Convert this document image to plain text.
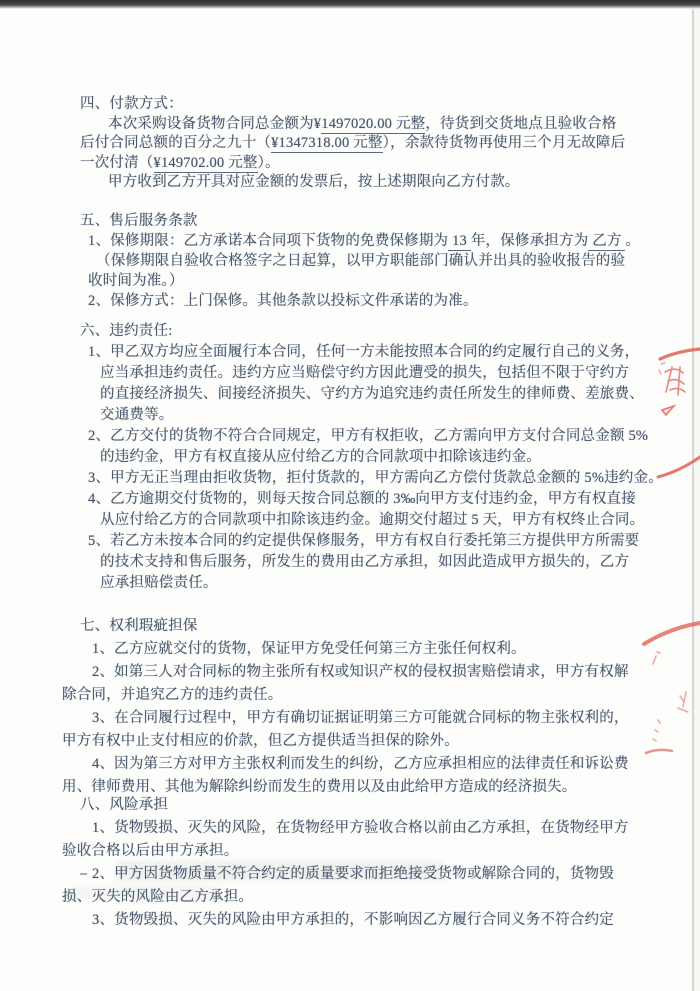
四、付款方式：
本次采购设备货物合同总金额为¥1497020.00 元整，待货到交货地点且验收合格
后付合同总额的百分之九十（¥1347318.00 元整），余款待货物再使用三个月无故障后
一次付清（¥149702.00 元整）。
甲方收到乙方开具对应金额的发票后，按上述期限向乙方付款。
五、售后服务条款
1、保修期限：乙方承诺本合同项下货物的免费保修期为 13 年，保修承担方为 乙方 。
（保修期限自验收合格签字之日起算，以甲方职能部门确认并出具的验收报告的验
收时间为准。）
2、保修方式：上门保修。其他条款以投标文件承诺的为准。
六、违约责任:
1、甲乙双方均应全面履行本合同，任何一方未能按照本合同的约定履行自己的义务，
应当承担违约责任。违约方应当赔偿守约方因此遭受的损失，包括但不限于守约方
的直接经济损失、间接经济损失、守约方为追究违约责任所发生的律师费、差旅费、
交通费等。
2、乙方交付的货物不符合合同规定，甲方有权拒收，乙方需向甲方支付合同总金额 5%
的违约金，甲方有权直接从应付给乙方的合同款项中扣除该违约金。
3、甲方无正当理由拒收货物，拒付货款的，甲方需向乙方偿付货款总金额的 5%违约金。
4、乙方逾期交付货物的，则每天按合同总额的 3‰向甲方支付违约金，甲方有权直接
从应付给乙方的合同款项中扣除该违约金。逾期交付超过 5 天，甲方有权终止合同。
5、若乙方未按本合同的约定提供保修服务，甲方有权自行委托第三方提供甲方所需要
的技术支持和售后服务，所发生的费用由乙方承担，如因此造成甲方损失的，乙方
应承担赔偿责任。
七、权利瑕疵担保
1、乙方应就交付的货物，保证甲方免受任何第三方主张任何权利。
2、如第三人对合同标的物主张所有权或知识产权的侵权损害赔偿请求，甲方有权解
除合同，并追究乙方的违约责任。
3、在合同履行过程中，甲方有确切证据证明第三方可能就合同标的物主张权利的，
甲方有权中止支付相应的价款，但乙方提供适当担保的除外。
4、因为第三方对甲方主张权利而发生的纠纷，乙方应承担相应的法律责任和诉讼费
用、律师费用、其他为解除纠纷而发生的费用以及由此给甲方造成的经济损失。
八、风险承担
1、货物毁损、灭失的风险，在货物经甲方验收合格以前由乙方承担，在货物经甲方
验收合格以后由甲方承担。
2、甲方因货物质量不符合约定的质量要求而拒绝接受货物或解除合同的，货物毁
损、灭失的风险由乙方承担。
3、货物毁损、灭失的风险由甲方承担的，不影响因乙方履行合同义务不符合约定
